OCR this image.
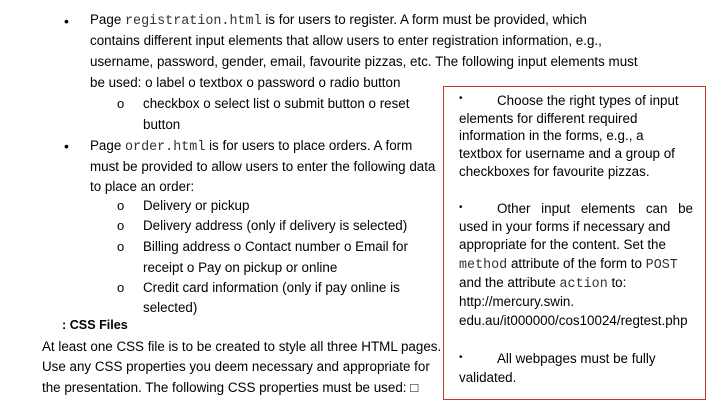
• Page registration.html is for users to register. A form must be provided, which
contains different input elements that allow users to enter registration information, e.g.,
username, password, gender, email, favourite pizzas, etc. The following input elements must
be used: o label o textbox o password o radio button
o checkbox o select list o submit button o reset
button
• Page order.html is for users to place orders. A form
must be provided to allow users to enter the following data
to place an order:
o Delivery or pickup
o Delivery address (only if delivery is selected)
o Billing address o Contact number o Email for
receipt o Pay on pickup or online
o Credit card information (only if pay online is
selected)
: CSS Files
At least one CSS file is to be created to style all three HTML pages.
Use any CSS properties you deem necessary and appropriate for
the presentation. The following CSS properties must be used: □
•	Choose the right types of input
elements for different required
information in the forms, e.g., a
textbox for username and a group of
checkboxes for favourite pizzas.
•	Other input elements can be
used in your forms if necessary and
appropriate for the content. Set the
method attribute of the form to POST
and the attribute action to:
http://mercury.swin.
edu.au/it000000/cos10024/regtest.php
•	All webpages must be fully
validated.
